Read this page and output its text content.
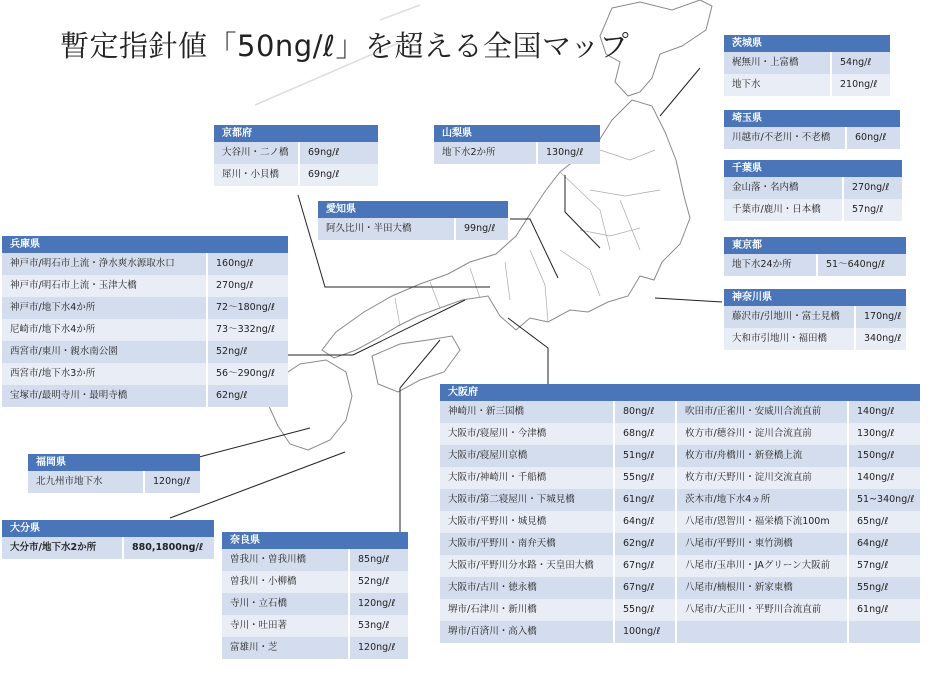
暫定指針値「50ng/ℓ」を超える全国マップ	茨城県
梶無川・上富橋	54ng/ℓ
地下水	210ng/ℓ
埼玉県
川越市/不老川・不老橋	60ng/ℓ
千葉県
金山落・名内橋	270ng/ℓ
千葉市/鹿川・日本橋	57ng/ℓ
東京都
地下水24か所	51～640ng/ℓ
神奈川県
藤沢市/引地川・富士見橋	170ng/ℓ
大和市引地川・福田橋	340ng/ℓ
京都府
大谷川・二ノ橋	69ng/ℓ
犀川・小貝橋	69ng/ℓ
山梨県
地下水2か所	130ng/ℓ
愛知県
阿久比川・半田大橋	99ng/ℓ
兵庫県
神戸市/明石市上流・浄水爽水源取水口	160ng/ℓ
神戸市/明石市上流・玉津大橋	270ng/ℓ
神戸市/地下水4か所	72～180ng/ℓ
尼崎市/地下水4か所	73～332ng/ℓ
西宮市/東川・親水南公園	52ng/ℓ
西宮市/地下水3か所	56～290ng/ℓ
宝塚市/最明寺川・最明寺橋	62ng/ℓ
福岡県
北九州市地下水	120ng/ℓ
大分県
大分市/地下水2か所	880,1800ng/ℓ
奈良県
曽我川・曽我川橋	85ng/ℓ
曽我川・小柳橋	52ng/ℓ
寺川・立石橋	120ng/ℓ
寺川・吐田著	53ng/ℓ
富雄川・芝	120ng/ℓ
大阪府
神崎川・新三国橋	80ng/ℓ	吹田市/正雀川・安威川合流直前	140ng/ℓ
大阪市/寝屋川・今津橋	68ng/ℓ	枚方市/穂谷川・淀川合流直前	130ng/ℓ
大阪市/寝屋川京橋	51ng/ℓ	枚方市/舟橋川・新登橋上流	150ng/ℓ
大阪市/神崎川・千船橋	55ng/ℓ	枚方市/天野川・淀川交流直前	140ng/ℓ
大阪市/第二寝屋川・下城見橋	61ng/ℓ	茨木市/地下水4ヵ所	51~340ng/ℓ
大阪市/平野川・城見橋	64ng/ℓ	八尾市/恩智川・福栄橋下流100m	65ng/ℓ
大阪市/平野川・南弁天橋	62ng/ℓ	八尾市/平野川・東竹渕橋	64ng/ℓ
大阪市/平野川分水路・天皇田大橋	67ng/ℓ	八尾市/玉串川・JAグリーン大阪前	57ng/ℓ
大阪市/古川・徳永橋	67ng/ℓ	八尾市/楠根川・新家東橋	55ng/ℓ
堺市/石津川・新川橋	55ng/ℓ	八尾市/大正川・平野川合流直前	61ng/ℓ
堺市/百済川・高入橋	100ng/ℓ
